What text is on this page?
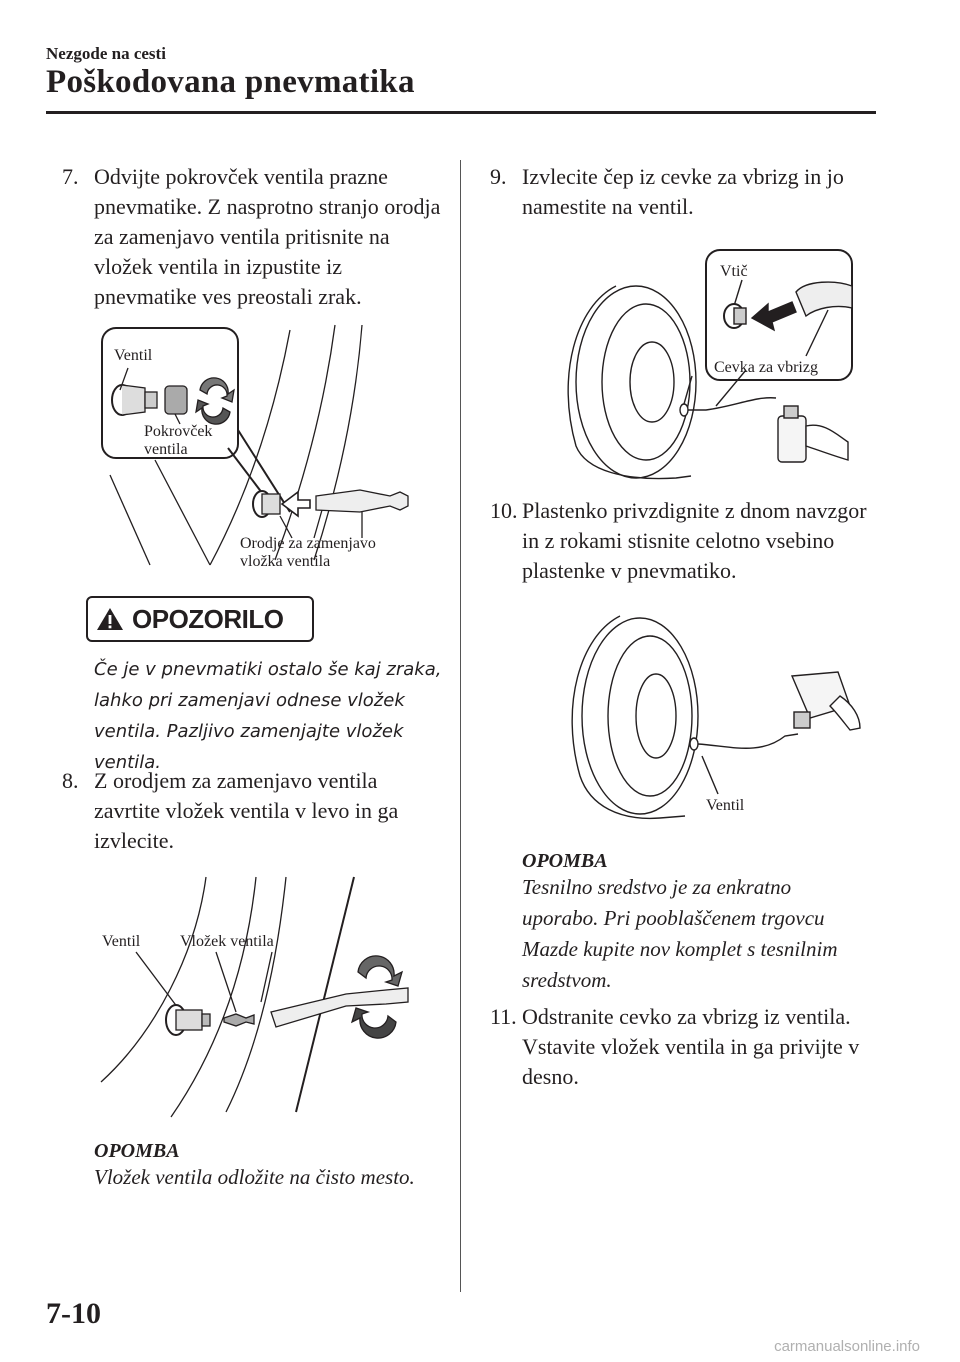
Nezgode na cesti
Poškodovana pnevmatika
7. Odvijte pokrovček ventila prazne
pnevmatike. Z nasprotno stranjo orodja
za zamenjavo ventila pritisnite na
vložek ventila in izpustite iz
pnevmatike ves preostali zrak.
Ventil
Pokrovček
ventila
Orodje za zamenjavo
vložka ventila
OPOZORILO
Če je v pnevmatiki ostalo še kaj zraka,
lahko pri zamenjavi odnese vložek
ventila. Pazljivo zamenjajte vložek
ventila.
8. Z orodjem za zamenjavo ventila
zavrtite vložek ventila v levo in ga
izvlecite.
Ventil Vložek ventila
OPOMBA
Vložek ventila odložite na čisto mesto.
9. Izvlecite čep iz cevke za vbrizg in jo
namestite na ventil.
Vtič
Cevka za vbrizg
10. Plastenko privzdignite z dnom navzgor
in z rokami stisnite celotno vsebino
plastenke v pnevmatiko.
Ventil
OPOMBA
Tesnilno sredstvo je za enkratno
uporabo. Pri pooblaščenem trgovcu
Mazde kupite nov komplet s tesnilnim
sredstvom.
11. Odstranite cevko za vbrizg iz ventila.
Vstavite vložek ventila in ga privijte v
desno.
7-10
carmanualsonline.info
